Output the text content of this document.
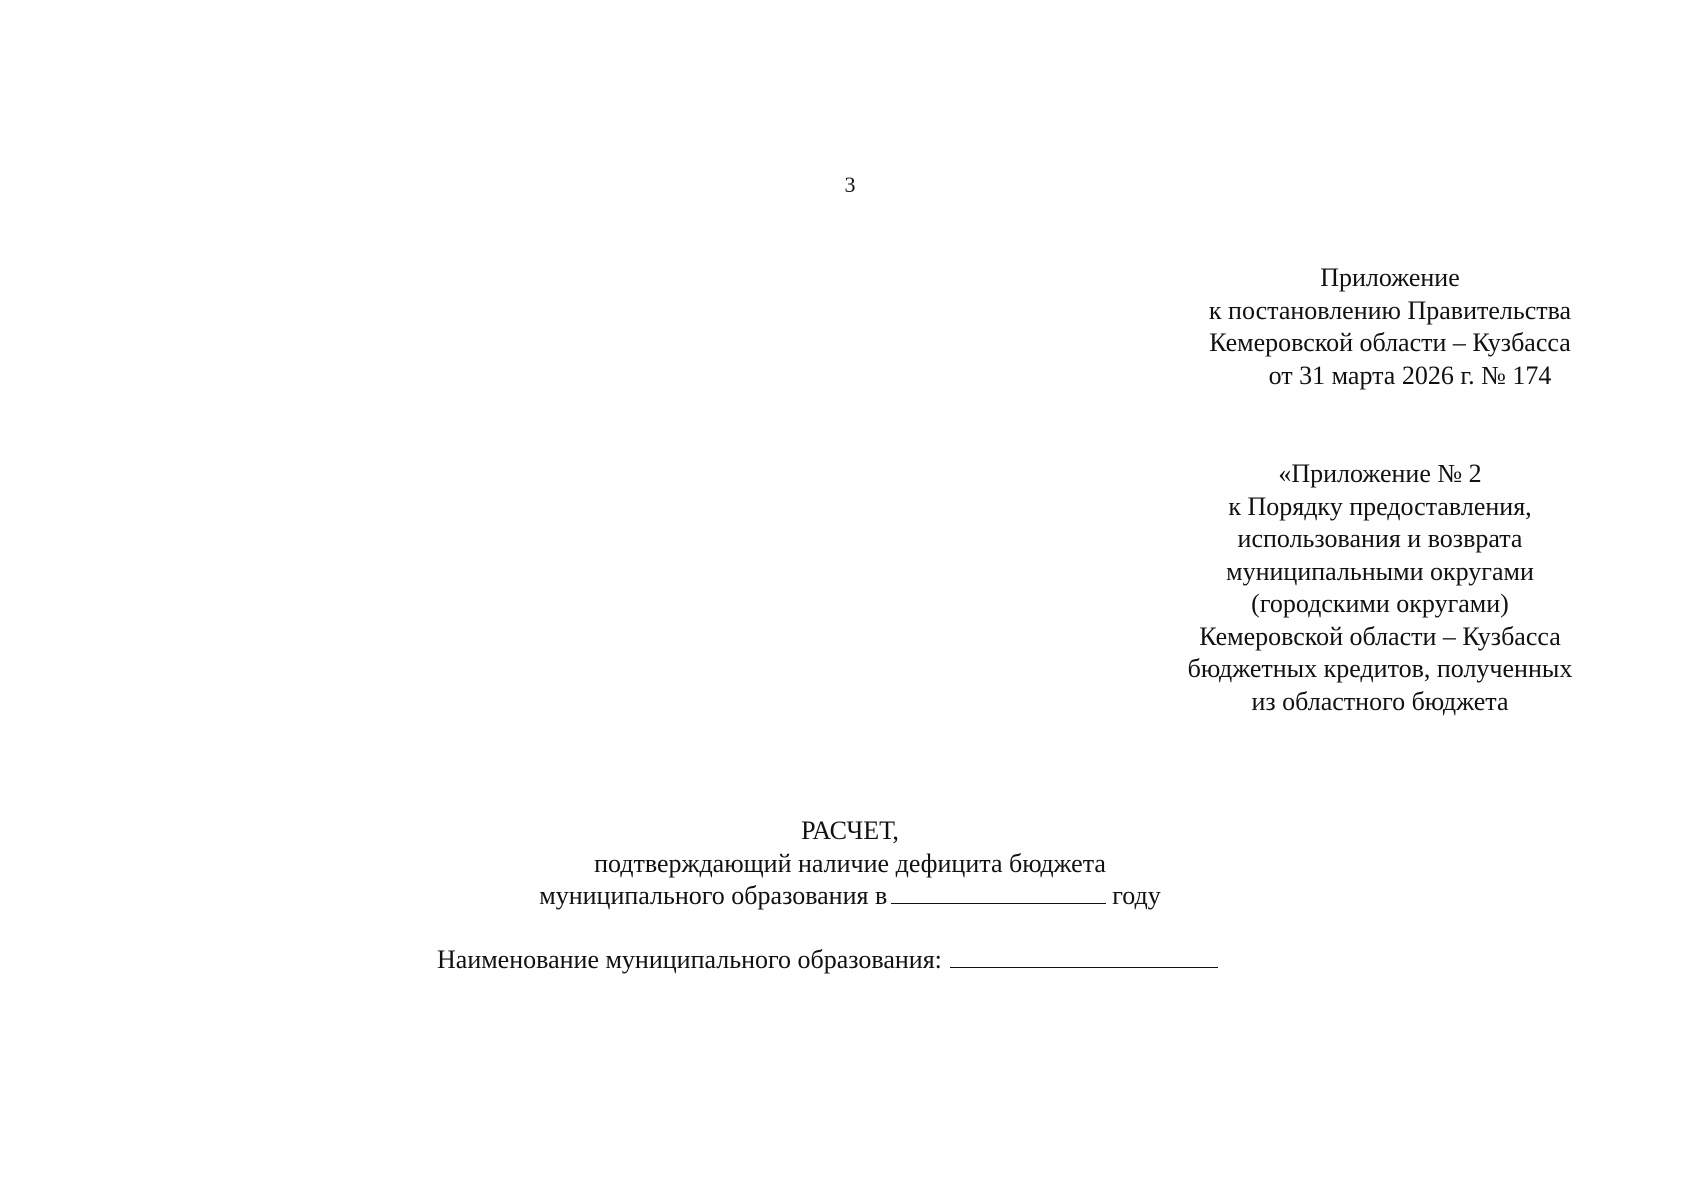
3
Приложение
к постановлению Правительства
Кемеровской области – Кузбасса
от 31 марта 2026 г. № 174
«Приложение № 2
к Порядку предоставления,
использования и возврата
муниципальными округами
(городскими округами)
Кемеровской области – Кузбасса
бюджетных кредитов, полученных
из областного бюджета
РАСЧЕТ,
подтверждающий наличие дефицита бюджета
муниципального образования в	году
Наименование муниципального образования:
